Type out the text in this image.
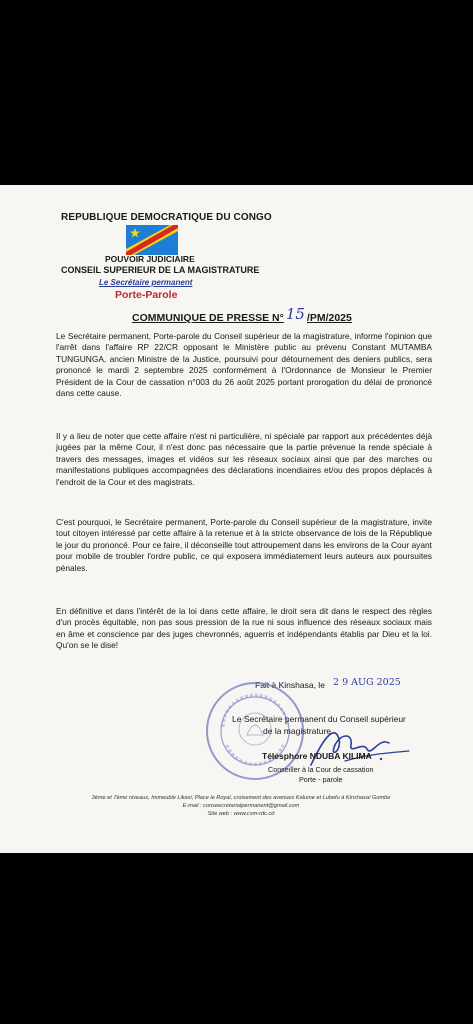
REPUBLIQUE DEMOCRATIQUE DU CONGO
POUVOIR JUDICIAIRE
CONSEIL SUPERIEUR DE LA MAGISTRATURE
Le Secrétaire permanent
Porte-Parole
COMMUNIQUE DE PRESSE N° 15 /PM/2025

Le Secrétaire permanent, Porte-parole du Conseil supérieur de la magistrature, informe l'opinion que l'arrêt dans l'affaire RP 22/CR opposant le Ministère public au prévenu Constant MUTAMBA TUNGUNGA, ancien Ministre de la Justice, poursuivi pour détournement des deniers publics, sera prononcé le mardi 2 septembre 2025 conformément à l'Ordonnance de Monsieur le Premier Président de la Cour de cassation n°003 du 26 août 2025 portant prorogation du délai de prononcé dans cette cause.

Il y a lieu de noter que cette affaire n'est ni particulière, ni spéciale par rapport aux précédentes déjà jugées par la même Cour, il n'est donc pas nécessaire que la partie prévenue la rende spéciale à travers des messages, images et vidéos sur les réseaux sociaux ainsi que par des marches ou manifestations publiques accompagnées des déclarations incendiaires et/ou des propos déplacés à l'endroit de la Cour et des magistrats.

C'est pourquoi, le Secrétaire permanent, Porte-parole du Conseil supérieur de la magistrature, invite tout citoyen intéressé par cette affaire à la retenue et à la stricte observance de lois de la République le jour du prononcé. Pour ce faire, il déconseille tout attroupement dans les environs de la Cour ayant pour mobile de troubler l'ordre public, ce qui exposera immédiatement leurs auteurs aux poursuites pénales.

En définitive et dans l'intérêt de la loi dans cette affaire, le droit sera dit dans le respect des règles d'un procès équitable, non pas sous pression de la rue ni sous influence des réseaux sociaux mais en âme et conscience par des juges chevronnés, aguerris et indépendants établis par Dieu et la loi. Qu'on se le dise!

Fait à Kinshasa, le 2 9 AUG 2025
Le Secrétaire permanent du Conseil supérieur
de la magistrature
Télesphore NDUBA KILIMA
Conseiller à la Cour de cassation
Porte - parole
3ème et 7ème niveaux, Immeuble Likasi, Place le Royal, croisement des avenues Kalume et Lubefu à Kinshasa/ Gombe
E-mail : conseecretariatpermanent@gmail.com
Site web : www.csm-rdc.cd
